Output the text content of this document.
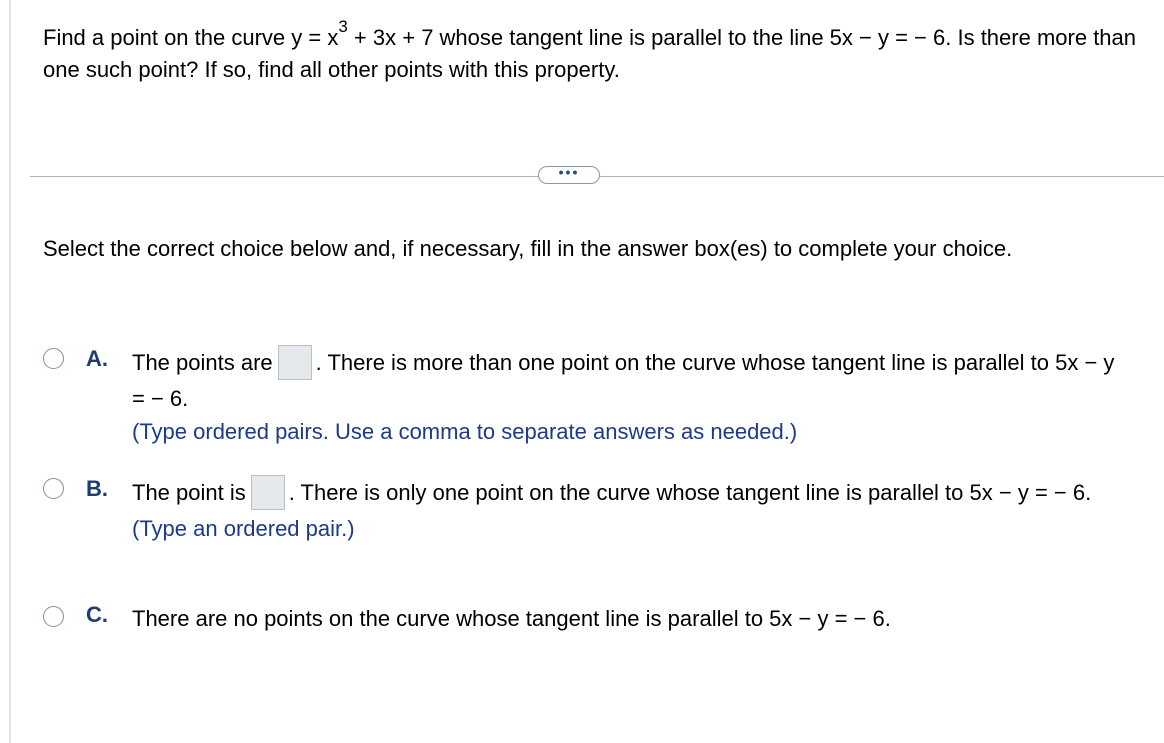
Find a point on the curve $y = x^3 + 3x + 7$ whose tangent line is parallel to the line 5x − y = − 6. Is there more than one such point? If so, find all other points with this property.
•••
Select the correct choice below and, if necessary, fill in the answer box(es) to complete your choice.
A. The points are . There is more than one point on the curve whose tangent line is parallel to 5x − y = − 6.
(Type ordered pairs. Use a comma to separate answers as needed.)
B. The point is . There is only one point on the curve whose tangent line is parallel to 5x − y = − 6.
(Type an ordered pair.)
C. There are no points on the curve whose tangent line is parallel to 5x − y = − 6.
